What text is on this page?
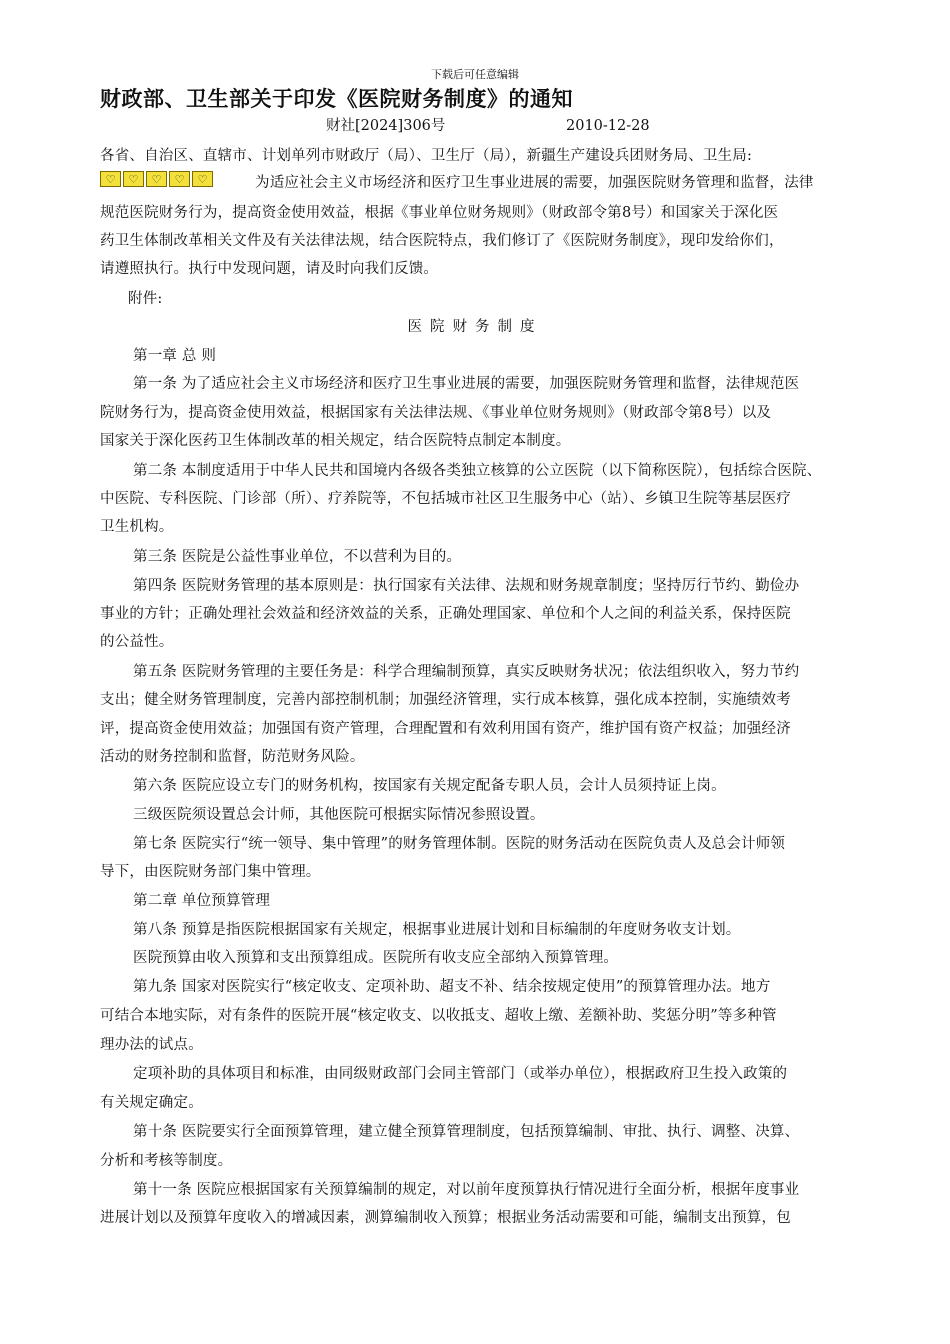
下载后可任意编辑
财政部、卫生部关于印发《医院财务制度》的通知
财社[2024]306号	2010-12-28
各省、自治区、直辖市、计划单列市财政厅（局）、卫生厅（局），新疆生产建设兵团财务局、卫生局:
♡	♡	♡	♡	♡	为适应社会主义市场经济和医疗卫生事业进展的需要，加强医院财务管理和监督，法律
规范医院财务行为，提高资金使用效益，根据《事业单位财务规则》（财政部令第8号）和国家关于深化医
药卫生体制改革相关文件及有关法律法规，结合医院特点，我们修订了《医院财务制度》，现印发给你们，
请遵照执行。执行中发现问题，请及时向我们反馈。
附件:
医院财务制度
第一章 总 则
第一条 为了适应社会主义市场经济和医疗卫生事业进展的需要，加强医院财务管理和监督，法律规范医
院财务行为，提高资金使用效益，根据国家有关法律法规、《事业单位财务规则》（财政部令第8号）以及
国家关于深化医药卫生体制改革的相关规定，结合医院特点制定本制度。
第二条 本制度适用于中华人民共和国境内各级各类独立核算的公立医院（以下简称医院），包括综合医院、
中医院、专科医院、门诊部（所）、疗养院等，不包括城市社区卫生服务中心（站）、乡镇卫生院等基层医疗
卫生机构。
第三条 医院是公益性事业单位，不以营利为目的。
第四条 医院财务管理的基本原则是：执行国家有关法律、法规和财务规章制度；坚持厉行节约、勤俭办
事业的方针；正确处理社会效益和经济效益的关系，正确处理国家、单位和个人之间的利益关系，保持医院
的公益性。
第五条 医院财务管理的主要任务是：科学合理编制预算，真实反映财务状况；依法组织收入，努力节约
支出；健全财务管理制度，完善内部控制机制；加强经济管理，实行成本核算，强化成本控制，实施绩效考
评，提高资金使用效益；加强国有资产管理，合理配置和有效利用国有资产，维护国有资产权益；加强经济
活动的财务控制和监督，防范财务风险。
第六条 医院应设立专门的财务机构，按国家有关规定配备专职人员，会计人员须持证上岗。
三级医院须设置总会计师，其他医院可根据实际情况参照设置。
第七条 医院实行“统一领导、集中管理”的财务管理体制。医院的财务活动在医院负责人及总会计师领
导下，由医院财务部门集中管理。
第二章 单位预算管理
第八条 预算是指医院根据国家有关规定，根据事业进展计划和目标编制的年度财务收支计划。
医院预算由收入预算和支出预算组成。医院所有收支应全部纳入预算管理。
第九条 国家对医院实行“核定收支、定项补助、超支不补、结余按规定使用”的预算管理办法。地方
可结合本地实际，对有条件的医院开展“核定收支、以收抵支、超收上缴、差额补助、奖惩分明”等多种管
理办法的试点。
定项补助的具体项目和标准，由同级财政部门会同主管部门（或举办单位），根据政府卫生投入政策的
有关规定确定。
第十条 医院要实行全面预算管理，建立健全预算管理制度，包括预算编制、审批、执行、调整、决算、
分析和考核等制度。
第十一条 医院应根据国家有关预算编制的规定，对以前年度预算执行情况进行全面分析，根据年度事业
进展计划以及预算年度收入的增减因素，测算编制收入预算；根据业务活动需要和可能，编制支出预算，包
